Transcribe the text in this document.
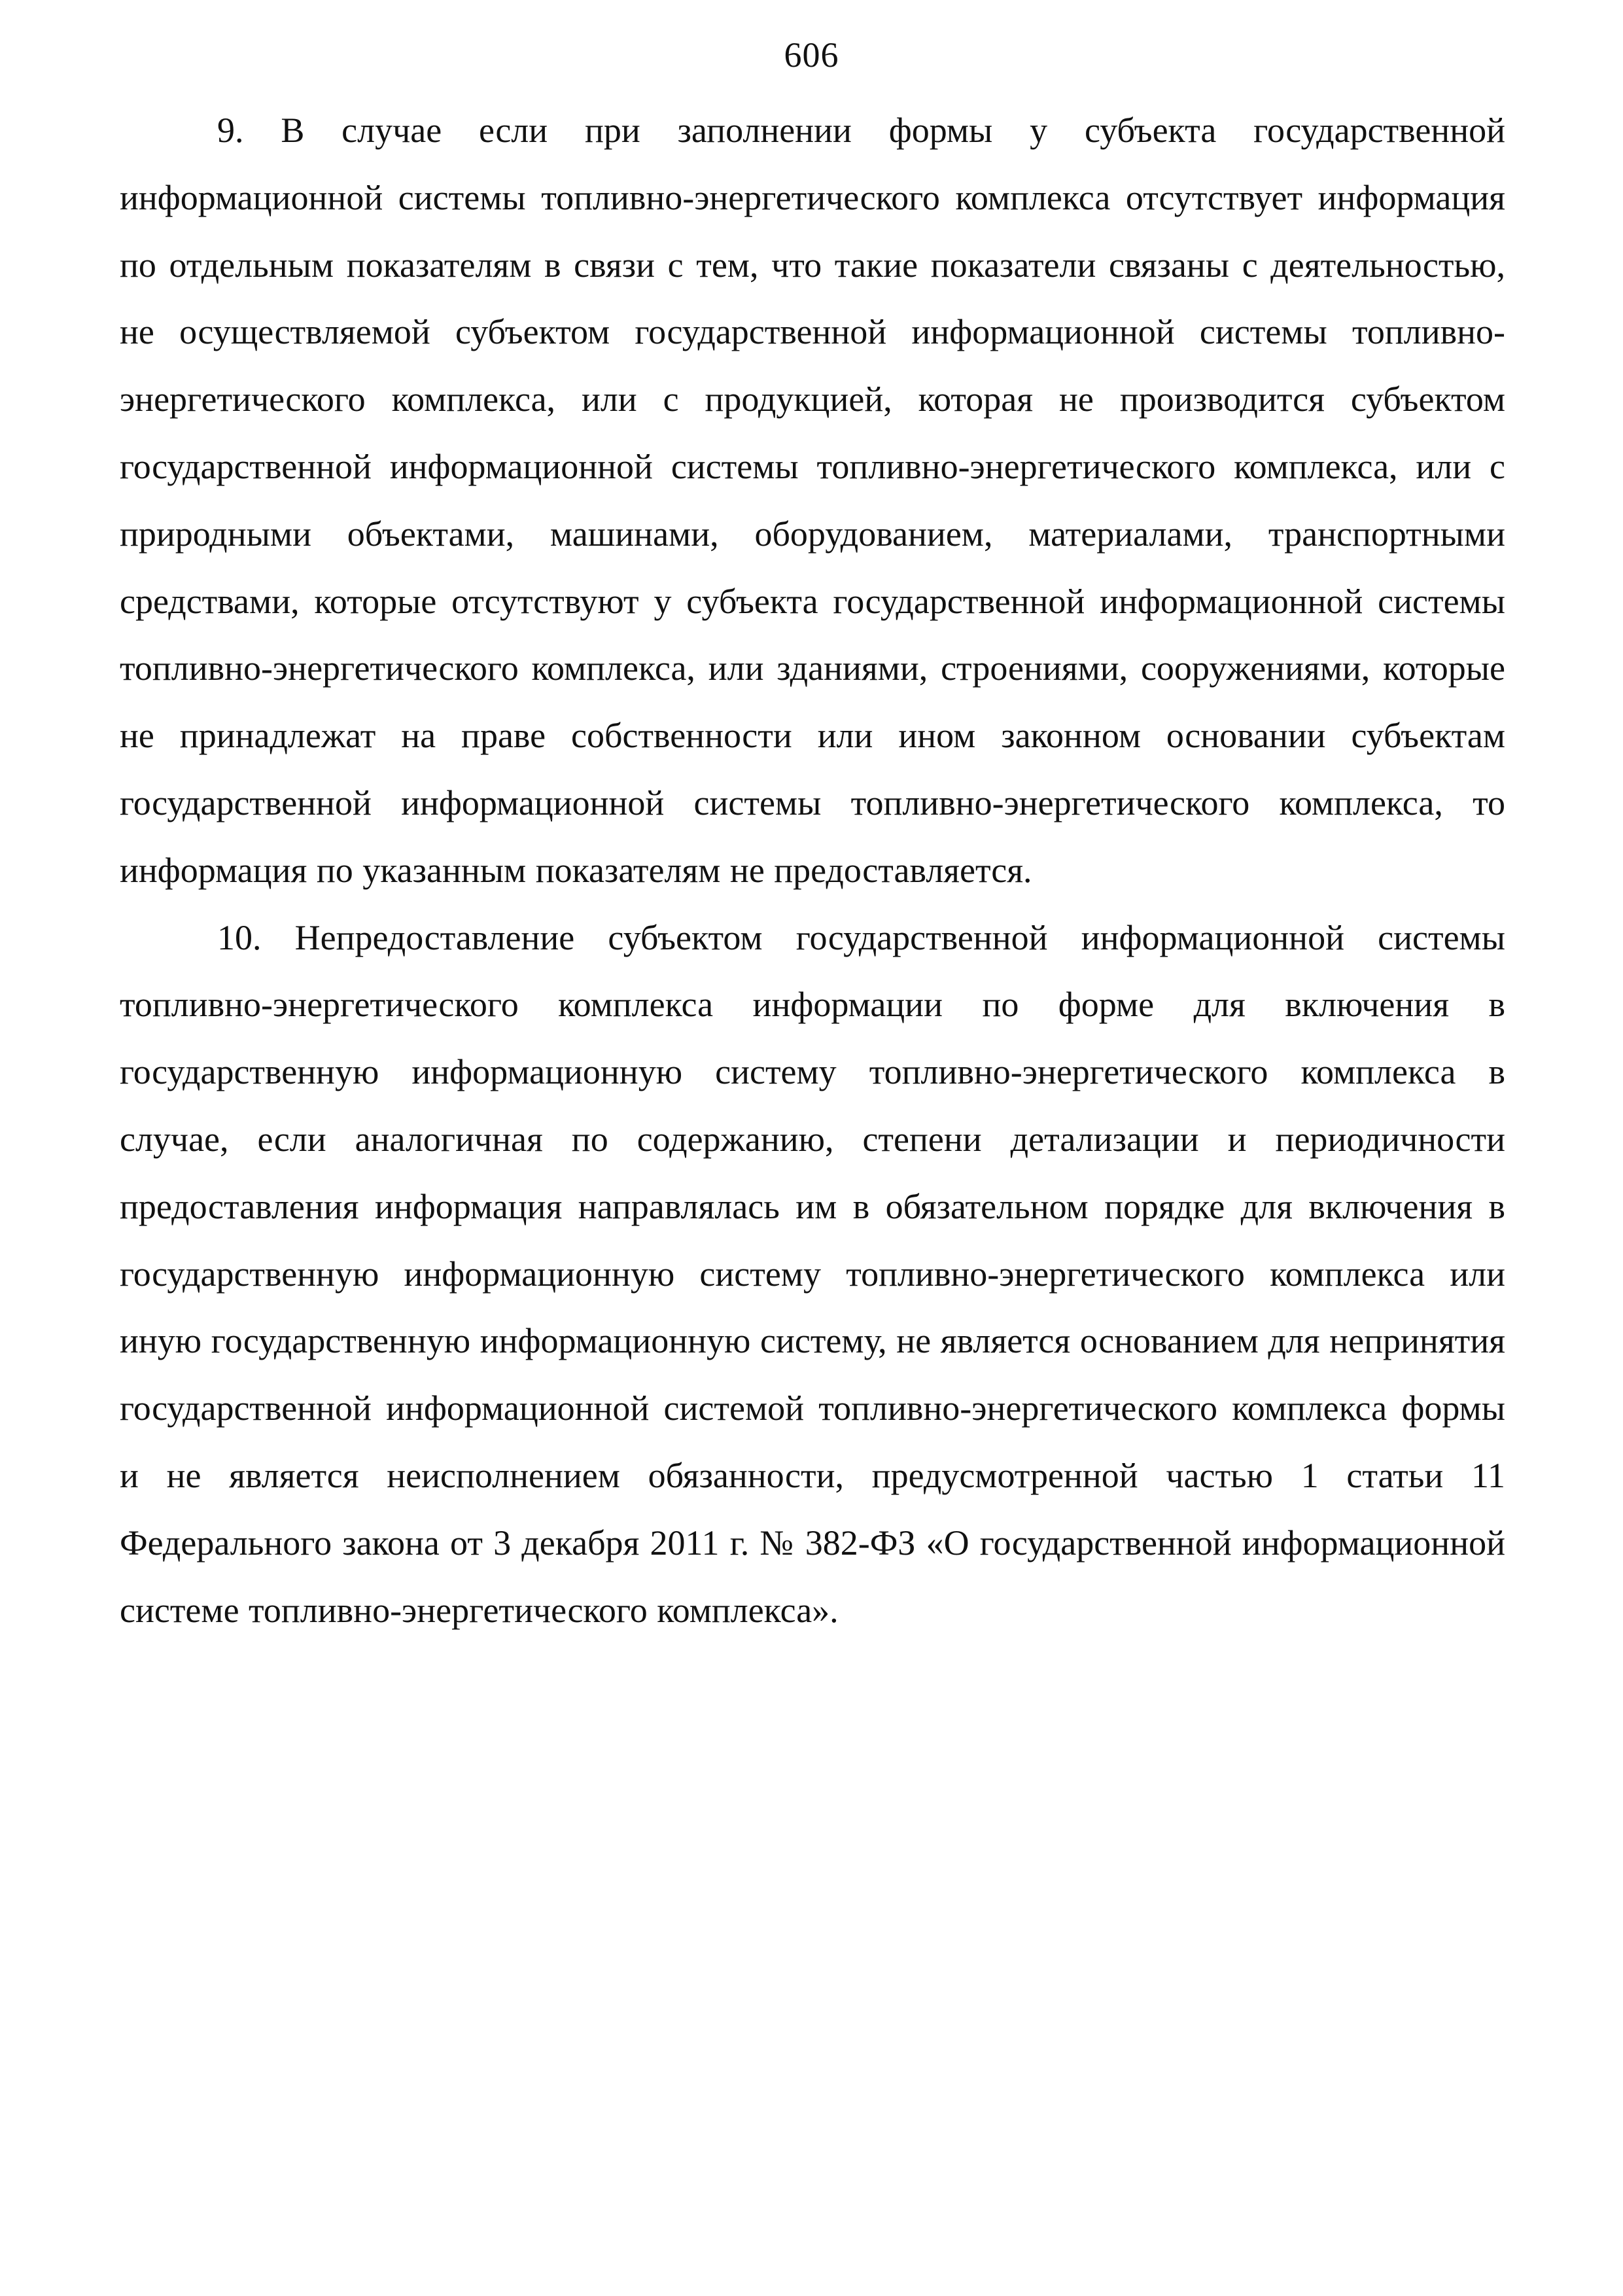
606

9. В случае если при заполнении формы у субъекта государственной информационной системы топливно-энергетического комплекса отсутствует информация по отдельным показателям в связи с тем, что такие показатели связаны с деятельностью, не осуществляемой субъектом государственной информационной системы топливно-энергетического комплекса, или с продукцией, которая не производится субъектом государственной информационной системы топливно-энергетического комплекса, или с природными объектами, машинами, оборудованием, материалами, транспортными средствами, которые отсутствуют у субъекта государственной информационной системы топливно-энергетического комплекса, или зданиями, строениями, сооружениями, которые не принадлежат на праве собственности или ином законном основании субъектам государственной информационной системы топливно-энергетического комплекса, то информация по указанным показателям не предоставляется.

10. Непредоставление субъектом государственной информационной системы топливно-энергетического комплекса информации по форме для включения в государственную информационную систему топливно-энергетического комплекса в случае, если аналогичная по содержанию, степени детализации и периодичности предоставления информация направлялась им в обязательном порядке для включения в государственную информационную систему топливно-энергетического комплекса или иную государственную информационную систему, не является основанием для непринятия государственной информационной системой топливно-энергетического комплекса формы и не является неисполнением обязанности, предусмотренной частью 1 статьи 11 Федерального закона от 3 декабря 2011 г. № 382-ФЗ «О государственной информационной системе топливно-энергетического комплекса».
